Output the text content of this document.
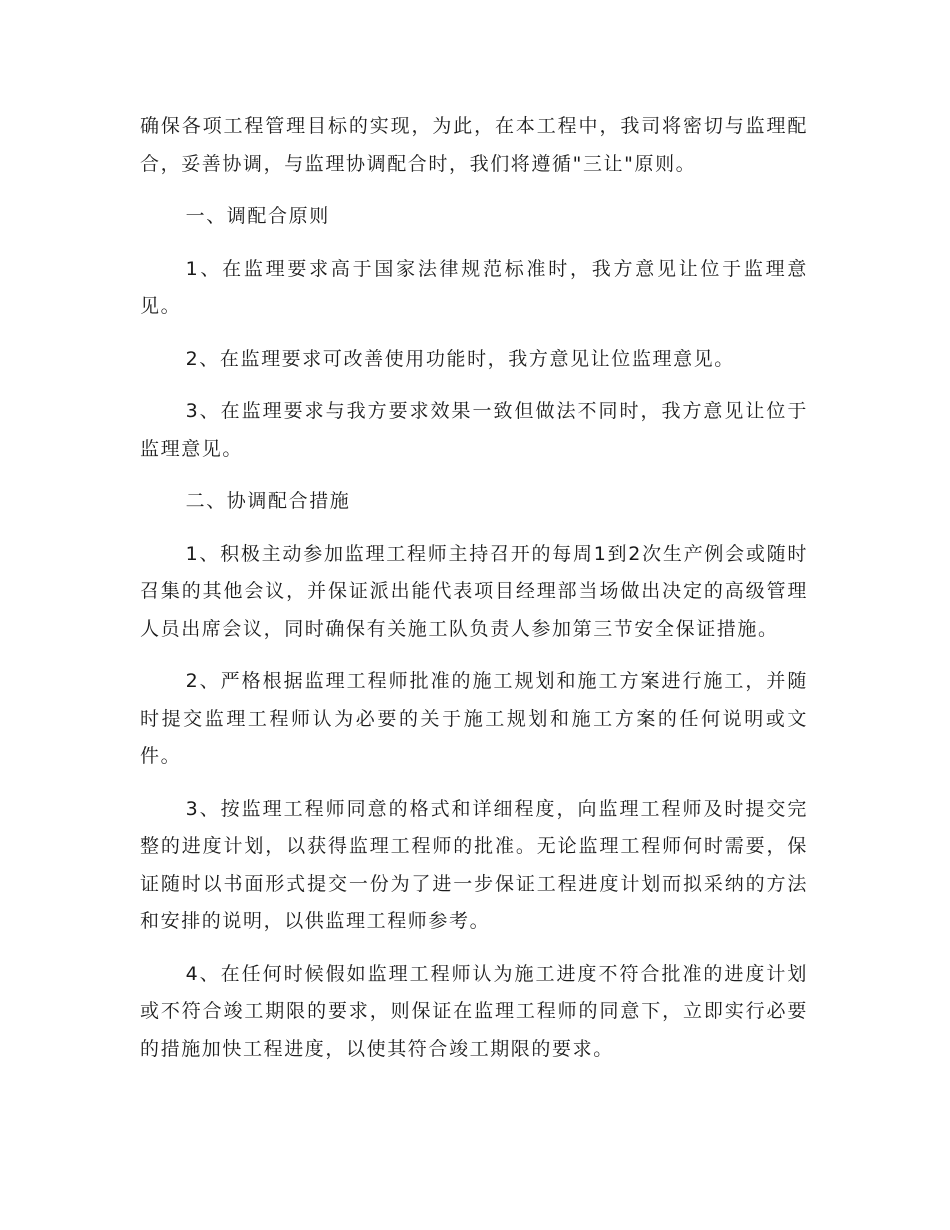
确保各项工程管理目标的实现，为此，在本工程中，我司将密切与监理配合，妥善协调，与监理协调配合时，我们将遵循"三让"原则。

一、调配合原则

1、在监理要求高于国家法律规范标准时，我方意见让位于监理意见。

2、在监理要求可改善使用功能时，我方意见让位监理意见。

3、在监理要求与我方要求效果一致但做法不同时，我方意见让位于监理意见。

二、协调配合措施

1、积极主动参加监理工程师主持召开的每周1到2次生产例会或随时召集的其他会议，并保证派出能代表项目经理部当场做出决定的高级管理人员出席会议，同时确保有关施工队负责人参加第三节安全保证措施。

2、严格根据监理工程师批准的施工规划和施工方案进行施工，并随时提交监理工程师认为必要的关于施工规划和施工方案的任何说明或文件。

3、按监理工程师同意的格式和详细程度，向监理工程师及时提交完整的进度计划，以获得监理工程师的批准。无论监理工程师何时需要，保证随时以书面形式提交一份为了进一步保证工程进度计划而拟采纳的方法和安排的说明，以供监理工程师参考。

4、在任何时候假如监理工程师认为施工进度不符合批准的进度计划或不符合竣工期限的要求，则保证在监理工程师的同意下，立即实行必要的措施加快工程进度，以使其符合竣工期限的要求。
